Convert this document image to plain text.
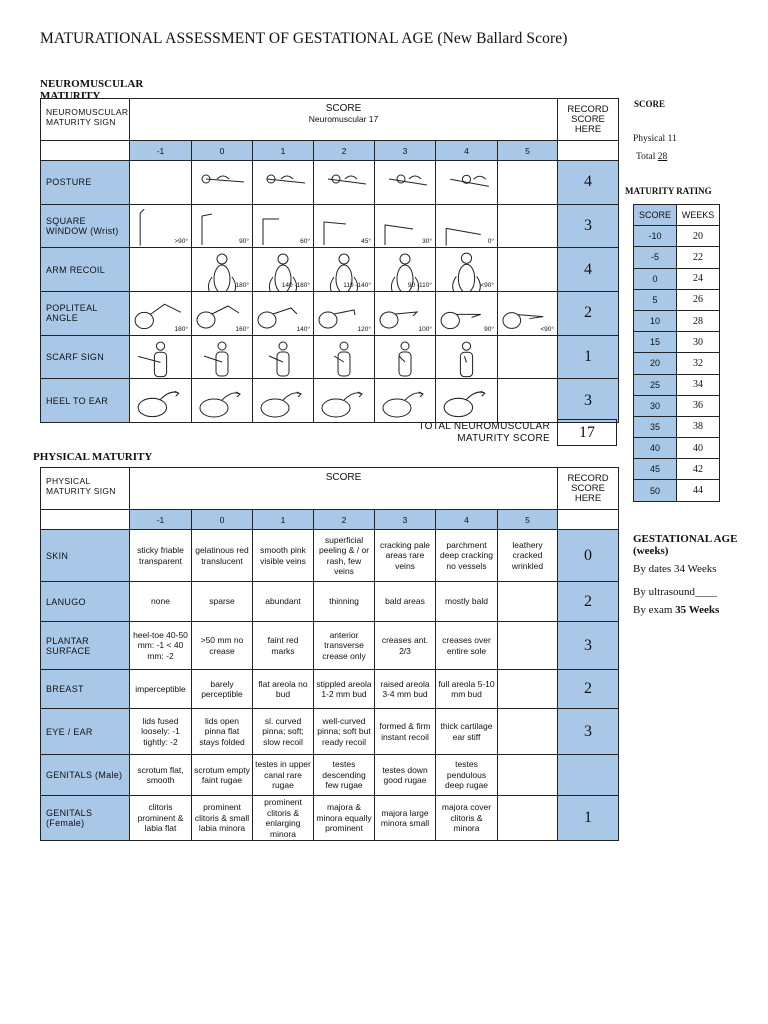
MATURATIONAL ASSESSMENT OF GESTATIONAL AGE (New Ballard Score)
NEUROMUSCULAR MATURITY
NEUROMUSCULAR MATURITY SIGN	SCORE
Neuromuscular 17							RECORD SCORE HERE
	-1	0	1	2	3	4	5	
POSTURE								4
SQUARE WINDOW (Wrist)	>90°	90°	60°	45°	30°	0°		3
ARM RECOIL		180°	140 -180°	110 -140°	90 -110°	<90°		4
POPLITEAL ANGLE	180°	160°	140°	120°	100°	90°	<90°	2
SCARF SIGN								1
HEEL TO EAR								3
TOTAL NEUROMUSCULAR MATURITY SCORE	17
PHYSICAL MATURITY
PHYSICAL MATURITY SIGN	SCORE							RECORD SCORE HERE
	-1	0	1	2	3	4	5	
SKIN	sticky friable transparent	gelatinous red translucent	smooth pink visible veins	superficial peeling & / or rash, few veins	cracking pale areas rare veins	parchment deep cracking no vessels	leathery cracked wrinkled	0
LANUGO	none	sparse	abundant	thinning	bald areas	mostly bald		2
PLANTAR SURFACE	heel-toe 40-50 mm: -1 < 40 mm: -2	>50 mm no crease	faint red marks	anterior transverse crease only	creases ant. 2/3	creases over entire sole		3
BREAST	imperceptible	barely perceptible	flat areola no bud	stippled areola 1-2 mm bud	raised areola 3-4 mm bud	full areola 5-10 mm bud		2
EYE / EAR	lids fused loosely: -1 tightly: -2	lids open pinna flat stays folded	sl. curved pinna; soft; slow recoil	well-curved pinna; soft but ready recoil	formed & firm instant recoil	thick cartilage ear stiff		3
GENITALS (Male)	scrotum flat, smooth	scrotum empty faint rugae	testes in upper canal rare rugae	testes descending few rugae	testes down good rugae	testes pendulous deep rugae		
GENITALS (Female)	clitoris prominent & labia flat	prominent clitoris & small labia minora	prominent clitoris & enlarging minora	majora & minora equally prominent	majora large minora small	majora cover clitoris & minora		1
SCORE
Physical 11
Total 28
MATURITY RATING
SCORE	WEEKS
-10	20
-5	22
0	24
5	26
10	28
15	30
20	32
25	34
30	36
35	38
40	40
45	42
50	44
GESTATIONAL AGE (weeks)
By dates 34 Weeks
By ultrasound____
By exam 35 Weeks
